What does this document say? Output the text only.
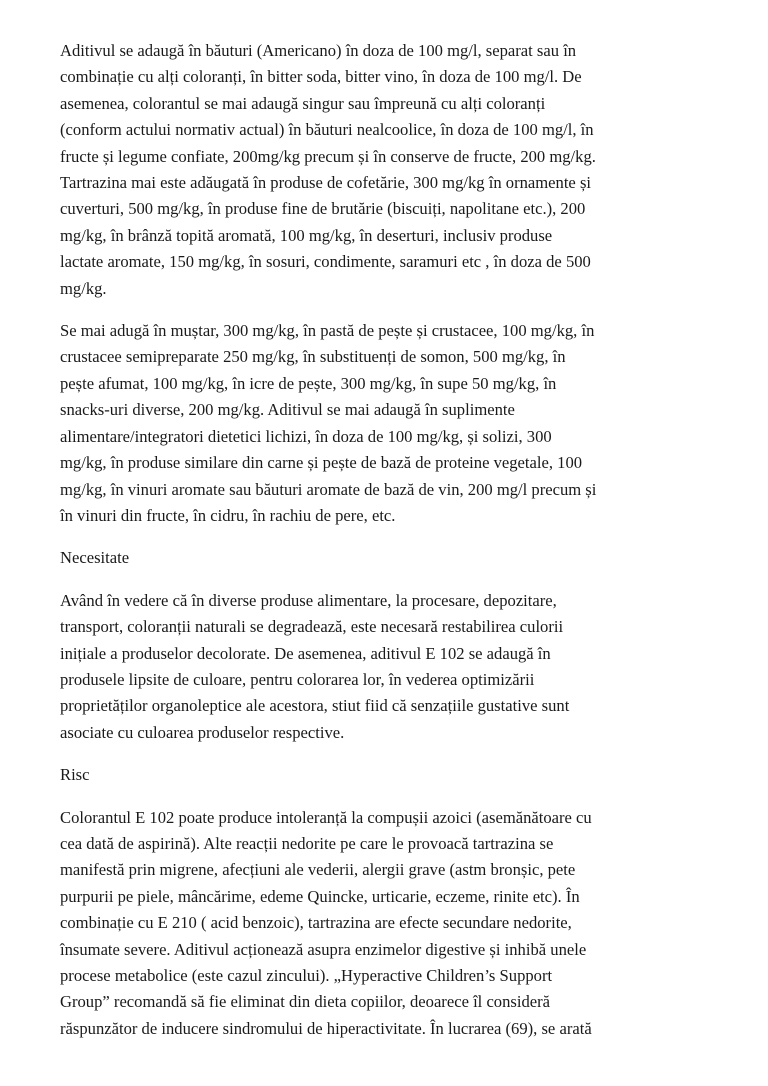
Aditivul se adaugă în băuturi (Americano) în doza de 100 mg/l, separat sau în
combinație cu alți coloranți, în bitter soda, bitter vino, în doza de 100 mg/l. De
asemenea, colorantul se mai adaugă singur sau împreună cu alți coloranți
(conform actului normativ actual) în băuturi nealcoolice, în doza de 100 mg/l, în
fructe și legume confiate, 200mg/kg precum și în conserve de fructe, 200 mg/kg.
Tartrazina mai este adăugată în produse de cofetărie, 300 mg/kg în ornamente și
cuverturi, 500 mg/kg, în produse fine de brutărie (biscuiți, napolitane etc.), 200
mg/kg, în brânză topită aromată, 100 mg/kg, în deserturi, inclusiv produse
lactate aromate, 150 mg/kg, în sosuri, condimente, saramuri etc , în doza de 500
mg/kg.
Se mai adugă în muștar, 300 mg/kg, în pastă de pește și crustacee, 100 mg/kg, în
crustacee semipreparate 250 mg/kg, în substituenți de somon, 500 mg/kg, în
pește afumat, 100 mg/kg, în icre de pește, 300 mg/kg, în supe 50 mg/kg, în
snacks-uri diverse, 200 mg/kg. Aditivul se mai adaugă în suplimente
alimentare/integratori dietetici lichizi, în doza de 100 mg/kg, și solizi, 300
mg/kg, în produse similare din carne și pește de bază de proteine vegetale, 100
mg/kg, în vinuri aromate sau băuturi aromate de bază de vin, 200 mg/l precum și
în vinuri din fructe, în cidru, în rachiu de pere, etc.
Necesitate
Având în vedere că în diverse produse alimentare, la procesare, depozitare,
transport, coloranții naturali se degradează, este necesară restabilirea culorii
inițiale a produselor decolorate. De asemenea, aditivul E 102 se adaugă în
produsele lipsite de culoare, pentru colorarea lor, în vederea optimizării
proprietăților organoleptice ale acestora, stiut fiid că senzațiile gustative sunt
asociate cu culoarea produselor respective.
Risc
Colorantul E 102 poate produce intoleranță la compușii azoici (asemănătoare cu
cea dată de aspirină). Alte reacții nedorite pe care le provoacă tartrazina se
manifestă prin migrene, afecțiuni ale vederii, alergii grave (astm bronșic, pete
purpurii pe piele, mâncărime, edeme Quincke, urticarie, eczeme, rinite etc). În
combinație cu E 210 ( acid benzoic), tartrazina are efecte secundare nedorite,
însumate severe. Aditivul acționează asupra enzimelor digestive și inhibă unele
procese metabolice (este cazul zincului). „Hyperactive Children’s Support
Group” recomandă să fie eliminat din dieta copiilor, deoarece îl consideră
răspunzător de inducere sindromului de hiperactivitate. În lucrarea (69), se arată
